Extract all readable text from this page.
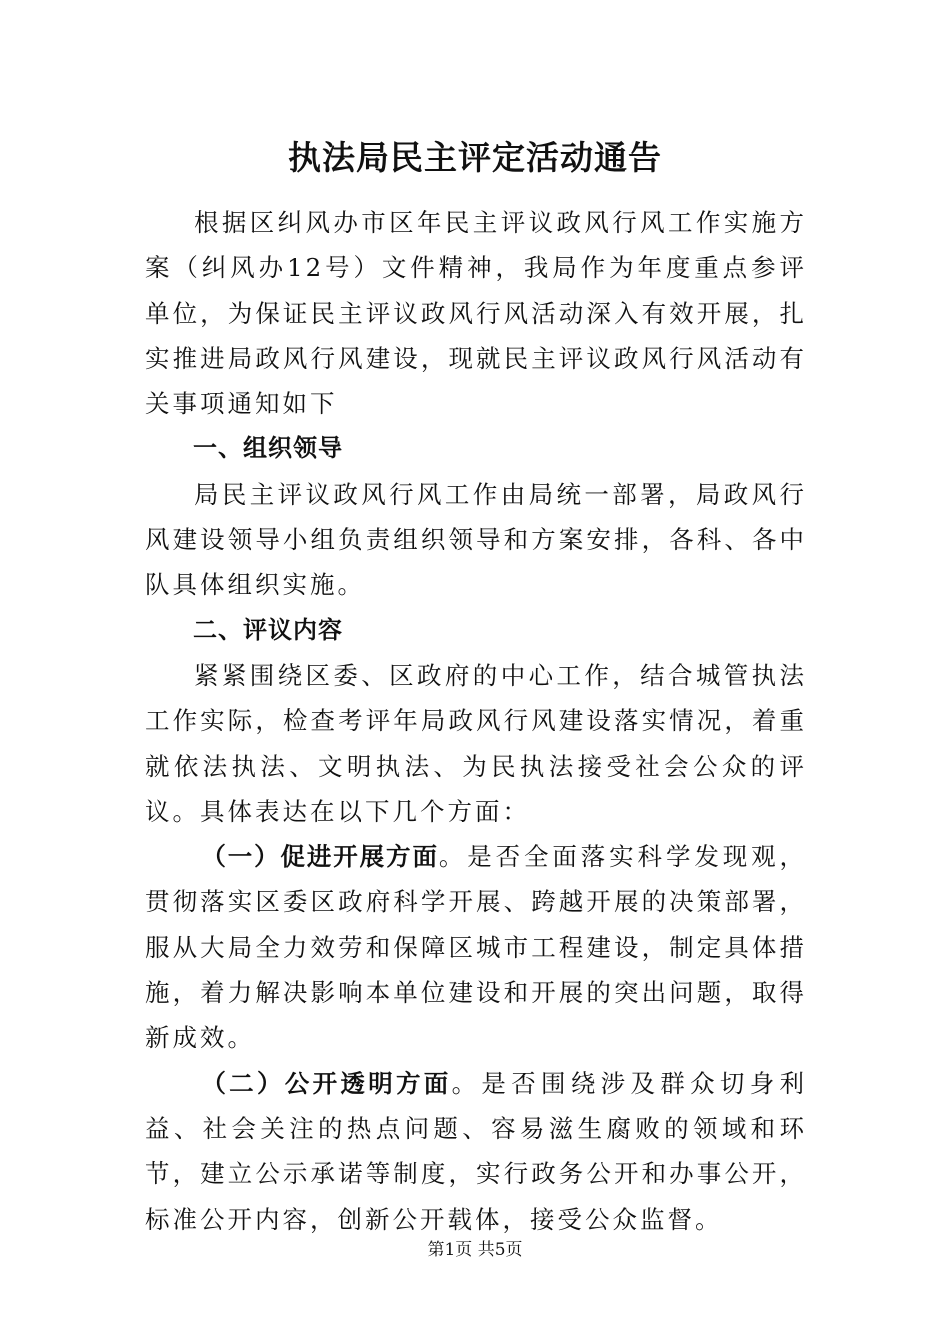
执法局民主评定活动通告

根据区纠风办市区年民主评议政风行风工作实施方案（纠风办12号）文件精神，我局作为年度重点参评单位，为保证民主评议政风行风活动深入有效开展，扎实推进局政风行风建设，现就民主评议政风行风活动有关事项通知如下

一、组织领导

局民主评议政风行风工作由局统一部署，局政风行风建设领导小组负责组织领导和方案安排，各科、各中队具体组织实施。

二、评议内容

紧紧围绕区委、区政府的中心工作，结合城管执法工作实际，检查考评年局政风行风建设落实情况，着重就依法执法、文明执法、为民执法接受社会公众的评议。具体表达在以下几个方面：

（一）促进开展方面。是否全面落实科学发现观，贯彻落实区委区政府科学开展、跨越开展的决策部署，服从大局全力效劳和保障区城市工程建设，制定具体措施，着力解决影响本单位建设和开展的突出问题，取得新成效。

（二）公开透明方面。是否围绕涉及群众切身利益、社会关注的热点问题、容易滋生腐败的领域和环节，建立公示承诺等制度，实行政务公开和办事公开，标准公开内容，创新公开载体，接受公众监督。

第1页 共5页
